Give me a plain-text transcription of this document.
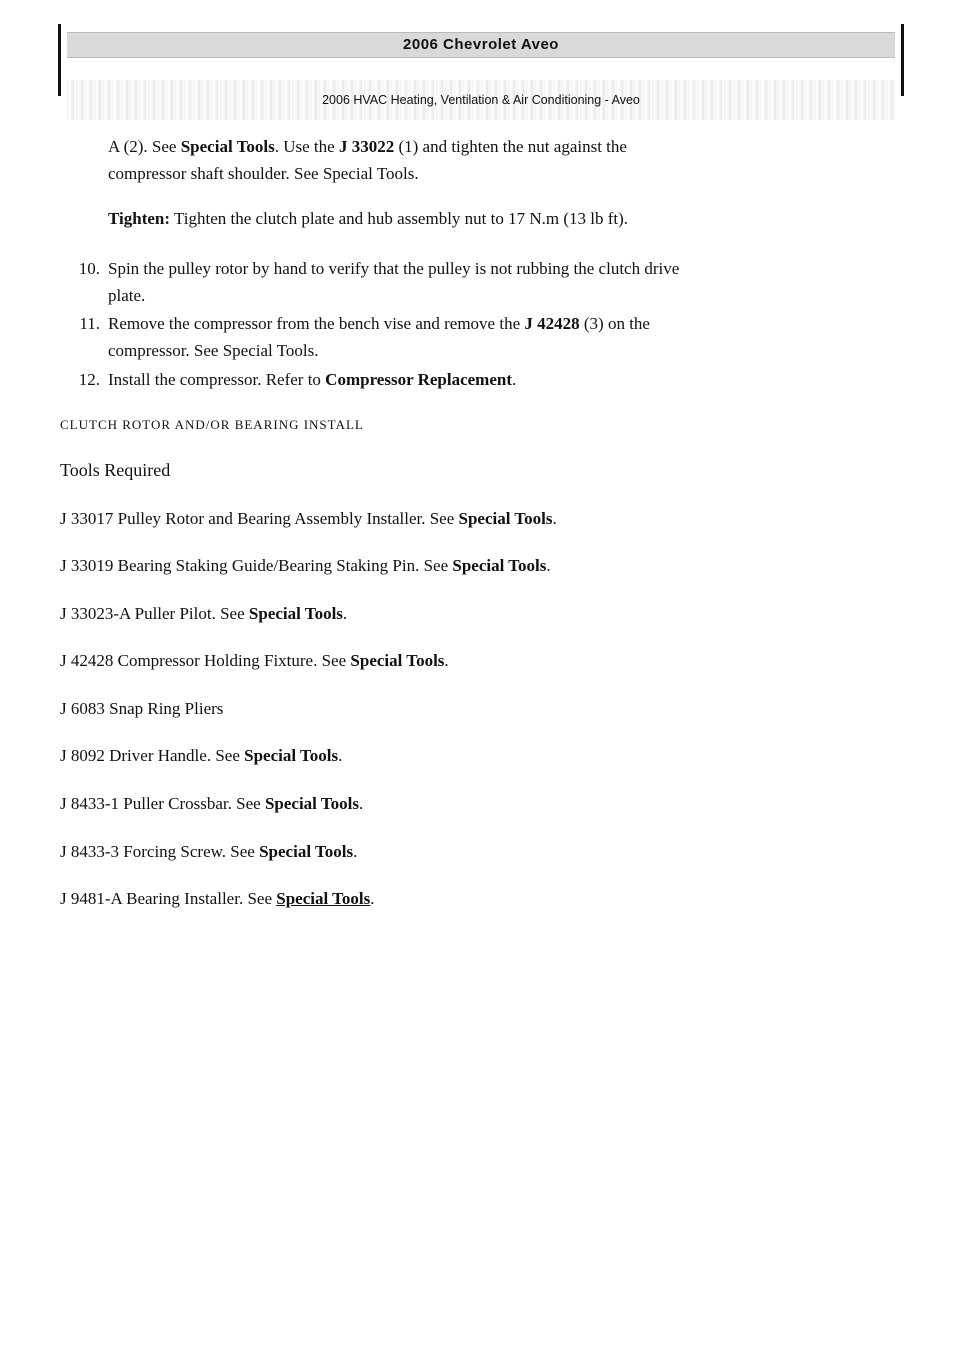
2006 Chevrolet Aveo
2006 HVAC Heating, Ventilation & Air Conditioning - Aveo
A (2). See Special Tools. Use the J 33022 (1) and tighten the nut against the
compressor shaft shoulder. See Special Tools.
Tighten: Tighten the clutch plate and hub assembly nut to 17 N.m (13 lb ft).
10. Spin the pulley rotor by hand to verify that the pulley is not rubbing the clutch drive
plate.
11. Remove the compressor from the bench vise and remove the J 42428 (3) on the
compressor. See Special Tools.
12. Install the compressor. Refer to Compressor Replacement.
CLUTCH ROTOR AND/OR BEARING INSTALL
Tools Required
J 33017 Pulley Rotor and Bearing Assembly Installer. See Special Tools.
J 33019 Bearing Staking Guide/Bearing Staking Pin. See Special Tools.
J 33023-A Puller Pilot. See Special Tools.
J 42428 Compressor Holding Fixture. See Special Tools.
J 6083 Snap Ring Pliers
J 8092 Driver Handle. See Special Tools.
J 8433-1 Puller Crossbar. See Special Tools.
J 8433-3 Forcing Screw. See Special Tools.
J 9481-A Bearing Installer. See Special Tools.
